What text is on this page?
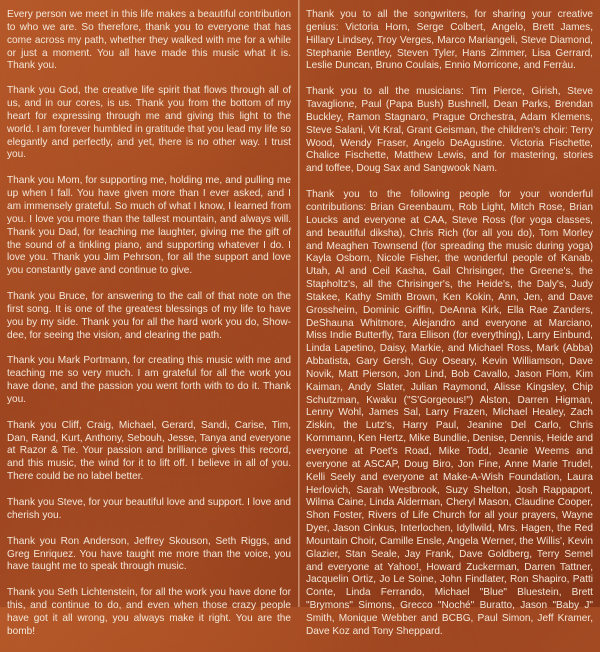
Every person we meet in this life makes a beautiful contribution to who we are. So therefore, thank you to everyone that has come across my path, whether they walked with me for a while or just a moment. You all have made this music what it is. Thank you.

Thank you God, the creative life spirit that flows through all of us, and in our cores, is us. Thank you from the bottom of my heart for expressing through me and giving this light to the world. I am forever humbled in gratitude that you lead my life so elegantly and perfectly, and yet, there is no other way. I trust you.

Thank you Mom, for supporting me, holding me, and pulling me up when I fall. You have given more than I ever asked, and I am immensely grateful. So much of what I know, I learned from you. I love you more than the tallest mountain, and always will. Thank you Dad, for teaching me laughter, giving me the gift of the sound of a tinkling piano, and supporting whatever I do. I love you. Thank you Jim Pehrson, for all the support and love you constantly gave and continue to give.

Thank you Bruce, for answering to the call of that note on the first song. It is one of the greatest blessings of my life to have you by my side. Thank you for all the hard work you do, Show-dee, for seeing the vision, and clearing the path.

Thank you Mark Portmann, for creating this music with me and teaching me so very much. I am grateful for all the work you have done, and the passion you went forth with to do it. Thank you.

Thank you Cliff, Craig, Michael, Gerard, Sandi, Carise, Tim, Dan, Rand, Kurt, Anthony, Sebouh, Jesse, Tanya and everyone at Razor & Tie. Your passion and brilliance gives this record, and this music, the wind for it to lift off. I believe in all of you. There could be no label better.

Thank you Steve, for your beautiful love and support. I love and cherish you.

Thank you Ron Anderson, Jeffrey Skouson, Seth Riggs, and Greg Enriquez. You have taught me more than the voice, you have taught me to speak through music.

Thank you Seth Lichtenstein, for all the work you have done for this, and continue to do, and even when those crazy people have got it all wrong, you always make it right. You are the bomb!

Thank you to all the songwriters, for sharing your creative genius: Victoria Horn, Serge Colbert, Angelo, Brett James, Hillary Lindsey, Troy Verges, Marco Mariangeli, Steve Diamond, Stephanie Bentley, Steven Tyler, Hans Zimmer, Lisa Gerrard, Leslie Duncan, Bruno Coulais, Ennio Morricone, and Ferràu.

Thank you to all the musicians: Tim Pierce, Girish, Steve Tavaglione, Paul (Papa Bush) Bushnell, Dean Parks, Brendan Buckley, Ramon Stagnaro, Prague Orchestra, Adam Klemens, Steve Salani, Vit Kral, Grant Geisman, the children's choir: Terry Wood, Wendy Fraser, Angelo DeAgustine. Victoria Fischette, Chalice Fischette, Matthew Lewis, and for mastering, stories and toffee, Doug Sax and Sangwook Nam.

Thank you to the following people for your wonderful contributions: Brian Greenbaum, Rob Light, Mitch Rose, Brian Loucks and everyone at CAA, Steve Ross (for yoga classes, and beautiful diksha), Chris Rich (for all you do), Tom Morley and Meaghen Townsend (for spreading the music during yoga) Kayla Osborn, Nicole Fisher, the wonderful people of Kanab, Utah, Al and Ceil Kasha, Gail Chrisinger, the Greene's, the Stapholtz's, all the Chrisinger's, the Heide's, the Daly's, Judy Stakee, Kathy Smith Brown, Ken Kokin, Ann, Jen, and Dave Grossheim, Dominic Griffin, DeAnna Kirk, Ella Rae Zanders, DeShauna Whitmore, Alejandro and everyone at Marciano, Miss Indie Butterfly, Tara Ellison (for everything), Larry Einbund, Linda Lapetino, Daisy, Markie, and Michael Ross, Mark (Abba) Abbatista, Gary Gersh, Guy Oseary, Kevin Williamson, Dave Novik, Matt Pierson, Jon Lind, Bob Cavallo, Jason Flom, Kim Kaiman, Andy Slater, Julian Raymond, Alisse Kingsley, Chip Schutzman, Kwaku ("S'Gorgeous!") Alston, Darren Higman, Lenny Wohl, James Sal, Larry Frazen, Michael Healey, Zach Ziskin, the Lutz's, Harry Paul, Jeanine Del Carlo, Chris Kornmann, Ken Hertz, Mike Bundlie, Denise, Dennis, Heide and everyone at Poet's Road, Mike Todd, Jeanie Weems and everyone at ASCAP, Doug Biro, Jon Fine, Anne Marie Trudel, Kelli Seely and everyone at Make-A-Wish Foundation, Laura Herlovich, Sarah Westbrook, Suzy Shelton, Josh Rappaport, Wilma Caine, Linda Alderman, Cheryl Mason, Claudine Cooper, Shon Foster, Rivers of Life Church for all your prayers, Wayne Dyer, Jason Cinkus, Interlochen, Idyllwild, Mrs. Hagen, the Red Mountain Choir, Camille Ensle, Angela Werner, the Willis', Kevin Glazier, Stan Seale, Jay Frank, Dave Goldberg, Terry Semel and everyone at Yahoo!, Howard Zuckerman, Darren Tattner, Jacquelin Ortiz, Jo Le Soine, John Findlater, Ron Shapiro, Patti Conte, Linda Ferrando, Michael "Blue" Bluestein, Brett "Brymons" Simons, Grecco "Noché" Buratto, Jason "Baby J" Smith, Monique Webber and BCBG, Paul Simon, Jeff Kramer, Dave Koz and Tony Sheppard.
